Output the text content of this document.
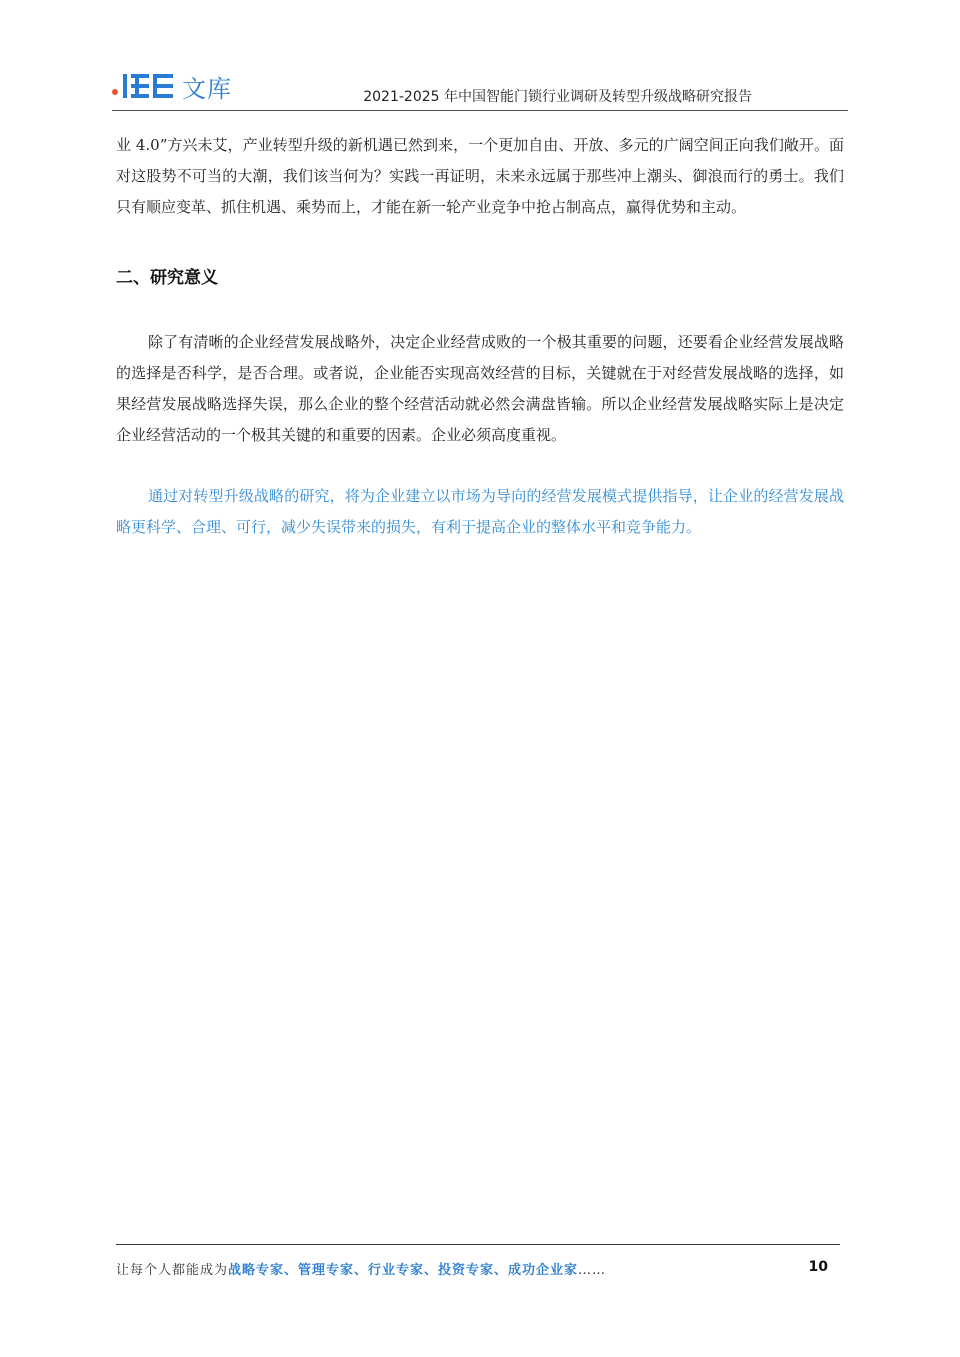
文库	2021-2025 年中国智能门锁行业调研及转型升级战略研究报告

业 4.0”方兴未艾，产业转型升级的新机遇已然到来，一个更加自由、开放、多元的广阔空间正向我们敞开。面对这股势不可当的大潮，我们该当何为？实践一再证明，未来永远属于那些冲上潮头、御浪而行的勇士。我们只有顺应变革、抓住机遇、乘势而上，才能在新一轮产业竞争中抢占制高点，赢得优势和主动。

二、研究意义

除了有清晰的企业经营发展战略外，决定企业经营成败的一个极其重要的问题，还要看企业经营发展战略的选择是否科学，是否合理。或者说，企业能否实现高效经营的目标，关键就在于对经营发展战略的选择，如果经营发展战略选择失误，那么企业的整个经营活动就必然会满盘皆输。所以企业经营发展战略实际上是决定企业经营活动的一个极其关键的和重要的因素。企业必须高度重视。

通过对转型升级战略的研究，将为企业建立以市场为导向的经营发展模式提供指导，让企业的经营发展战略更科学、合理、可行，减少失误带来的损失，有利于提高企业的整体水平和竞争能力。

让每个人都能成为战略专家、管理专家、行业专家、投资专家、成功企业家……	10
